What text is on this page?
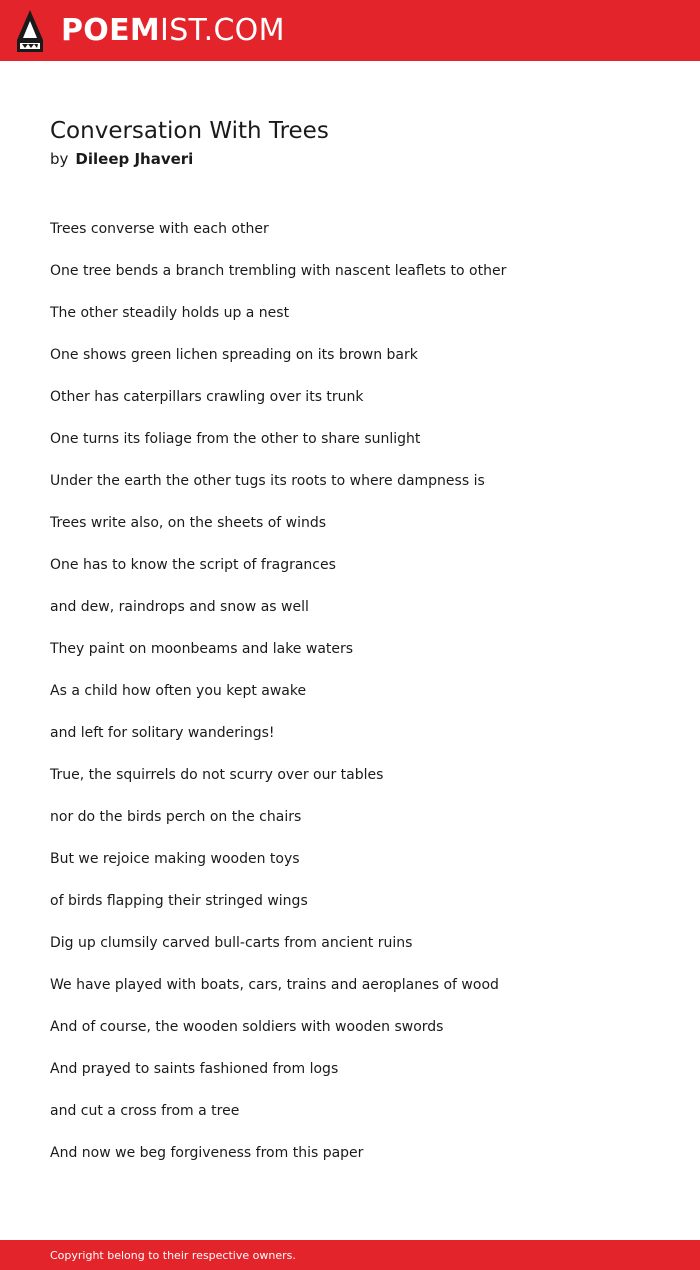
POEMIST.COM
Conversation With Trees
by Dileep Jhaveri
Trees converse with each other
One tree bends a branch trembling with nascent leaflets to other
The other steadily holds up a nest
One shows green lichen spreading on its brown bark
Other has caterpillars crawling over its trunk
One turns its foliage from the other to share sunlight
Under the earth the other tugs its roots to where dampness is
Trees write also, on the sheets of winds
One has to know the script of fragrances
and dew, raindrops and snow as well
They paint on moonbeams and lake waters
As a child how often you kept awake
and left for solitary wanderings!
True, the squirrels do not scurry over our tables
nor do the birds perch on the chairs
But we rejoice making wooden toys
of birds flapping their stringed wings
Dig up clumsily carved bull-carts from ancient ruins
We have played with boats, cars, trains and aeroplanes of wood
And of course, the wooden soldiers with wooden swords
And prayed to saints fashioned from logs
and cut a cross from a tree
And now we beg forgiveness from this paper
Copyright belong to their respective owners.
